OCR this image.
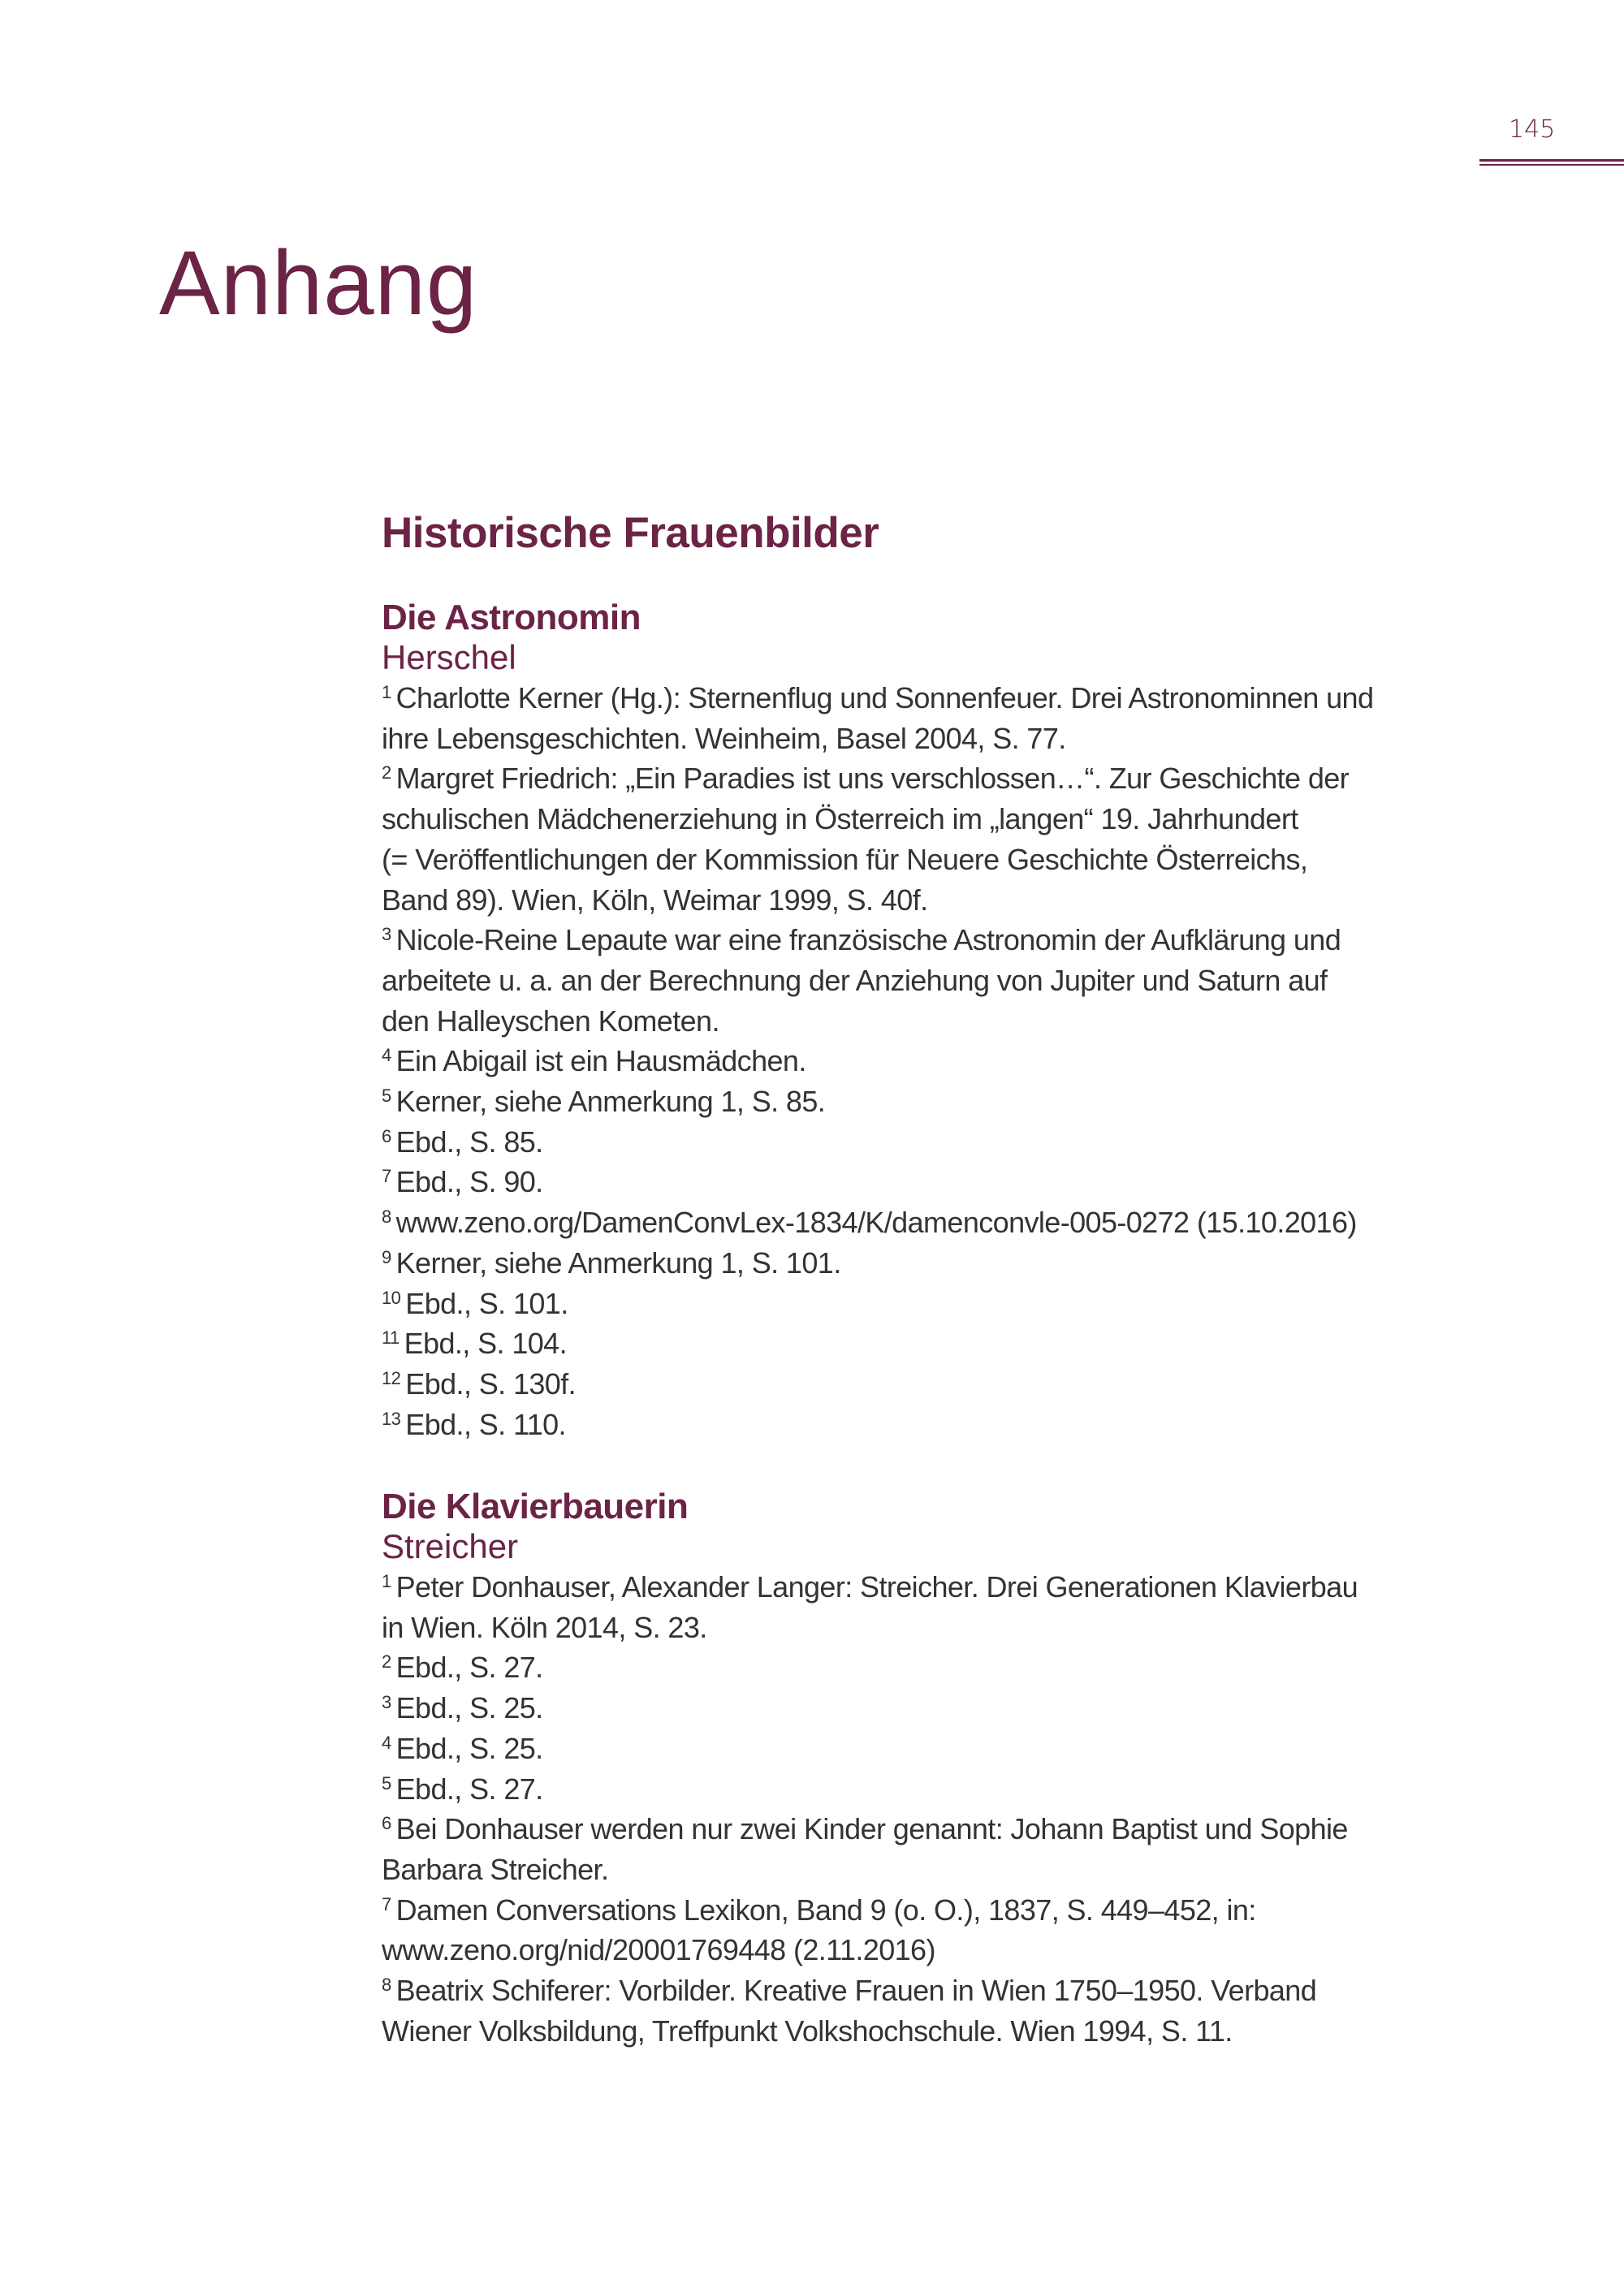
145
Anhang
Historische Frauenbilder
Die Astronomin
Herschel
$^1$ Charlotte Kerner (Hg.): Sternenflug und Sonnenfeuer. Drei Astronominnen und
ihre Lebensgeschichten. Weinheim, Basel 2004, S. 77.
$^2$ Margret Friedrich: „Ein Paradies ist uns verschlossen…“. Zur Geschichte der
schulischen Mädchenerziehung in Österreich im „langen“ 19. Jahrhundert
(= Veröffentlichungen der Kommission für Neuere Geschichte Österreichs,
Band 89). Wien, Köln, Weimar 1999, S. 40f.
$^3$ Nicole-Reine Lepaute war eine französische Astronomin der Aufklärung und
arbeitete u. a. an der Berechnung der Anziehung von Jupiter und Saturn auf
den Halleyschen Kometen.
$^4$ Ein Abigail ist ein Hausmädchen.
$^5$ Kerner, siehe Anmerkung 1, S. 85.
$^6$ Ebd., S. 85.
$^7$ Ebd., S. 90.
$^8$ www.zeno.org/DamenConvLex-1834/K/damenconvle-005-0272 (15.10.2016)
$^9$ Kerner, siehe Anmerkung 1, S. 101.
$^{10}$ Ebd., S. 101.
$^{11}$ Ebd., S. 104.
$^{12}$ Ebd., S. 130f.
$^{13}$ Ebd., S. 110.
Die Klavierbauerin
Streicher
$^1$ Peter Donhauser, Alexander Langer: Streicher. Drei Generationen Klavierbau
in Wien. Köln 2014, S. 23.
$^2$ Ebd., S. 27.
$^3$ Ebd., S. 25.
$^4$ Ebd., S. 25.
$^5$ Ebd., S. 27.
$^6$ Bei Donhauser werden nur zwei Kinder genannt: Johann Baptist und Sophie
Barbara Streicher.
$^7$ Damen Conversations Lexikon, Band 9 (o. O.), 1837, S. 449–452, in:
www.zeno.org/nid/20001769448 (2.11.2016)
$^8$ Beatrix Schiferer: Vorbilder. Kreative Frauen in Wien 1750–1950. Verband
Wiener Volksbildung, Treffpunkt Volkshochschule. Wien 1994, S. 11.
